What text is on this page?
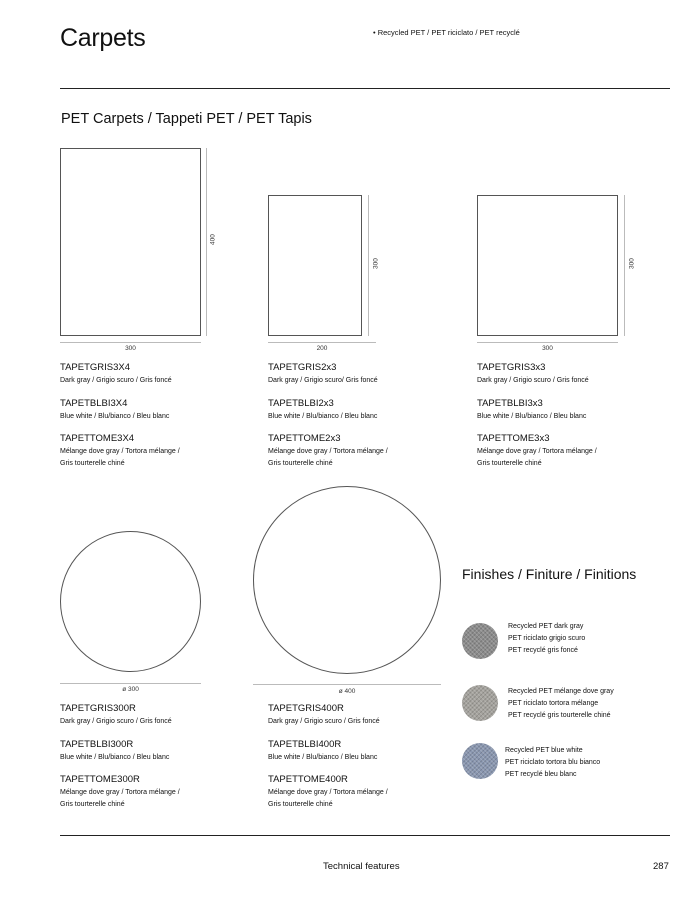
Carpets	• Recycled PET / PET riciclato / PET recyclé
PET Carpets / Tappeti PET / PET Tapis
400
300
300
200
300
300
TAPETGRIS3X4
Dark gray / Grigio scuro / Gris foncé
TAPETBLBI3X4
Blue white / Blu/bianco / Bleu blanc
TAPETTOME3X4
Mélange dove gray / Tortora mélange /
Gris tourterelle chiné
TAPETGRIS2x3
Dark gray / Grigio scuro/ Gris foncé
TAPETBLBI2x3
Blue white / Blu/bianco / Bleu blanc
TAPETTOME2x3
Mélange dove gray / Tortora mélange /
Gris tourterelle chiné
TAPETGRIS3x3
Dark gray / Grigio scuro / Gris foncé
TAPETBLBI3x3
Blue white / Blu/bianco / Bleu blanc
TAPETTOME3x3
Mélange dove gray / Tortora mélange /
Gris tourterelle chiné
ø 300	ø 400
TAPETGRIS300R
Dark gray / Grigio scuro / Gris foncé
TAPETBLBI300R
Blue white / Blu/bianco / Bleu blanc
TAPETTOME300R
Mélange dove gray / Tortora mélange /
Gris tourterelle chiné
TAPETGRIS400R
Dark gray / Grigio scuro / Gris foncé
TAPETBLBI400R
Blue white / Blu/bianco / Bleu blanc
TAPETTOME400R
Mélange dove gray / Tortora mélange /
Gris tourterelle chiné
Finishes / Finiture / Finitions
Recycled PET dark gray
PET riciclato grigio scuro
PET recyclé gris foncé
Recycled PET mélange dove gray
PET riciclato tortora mélange
PET recyclé gris tourterelle chiné
Recycled PET blue white
PET riciclato tortora blu bianco
PET recyclé bleu blanc
Technical features	287
